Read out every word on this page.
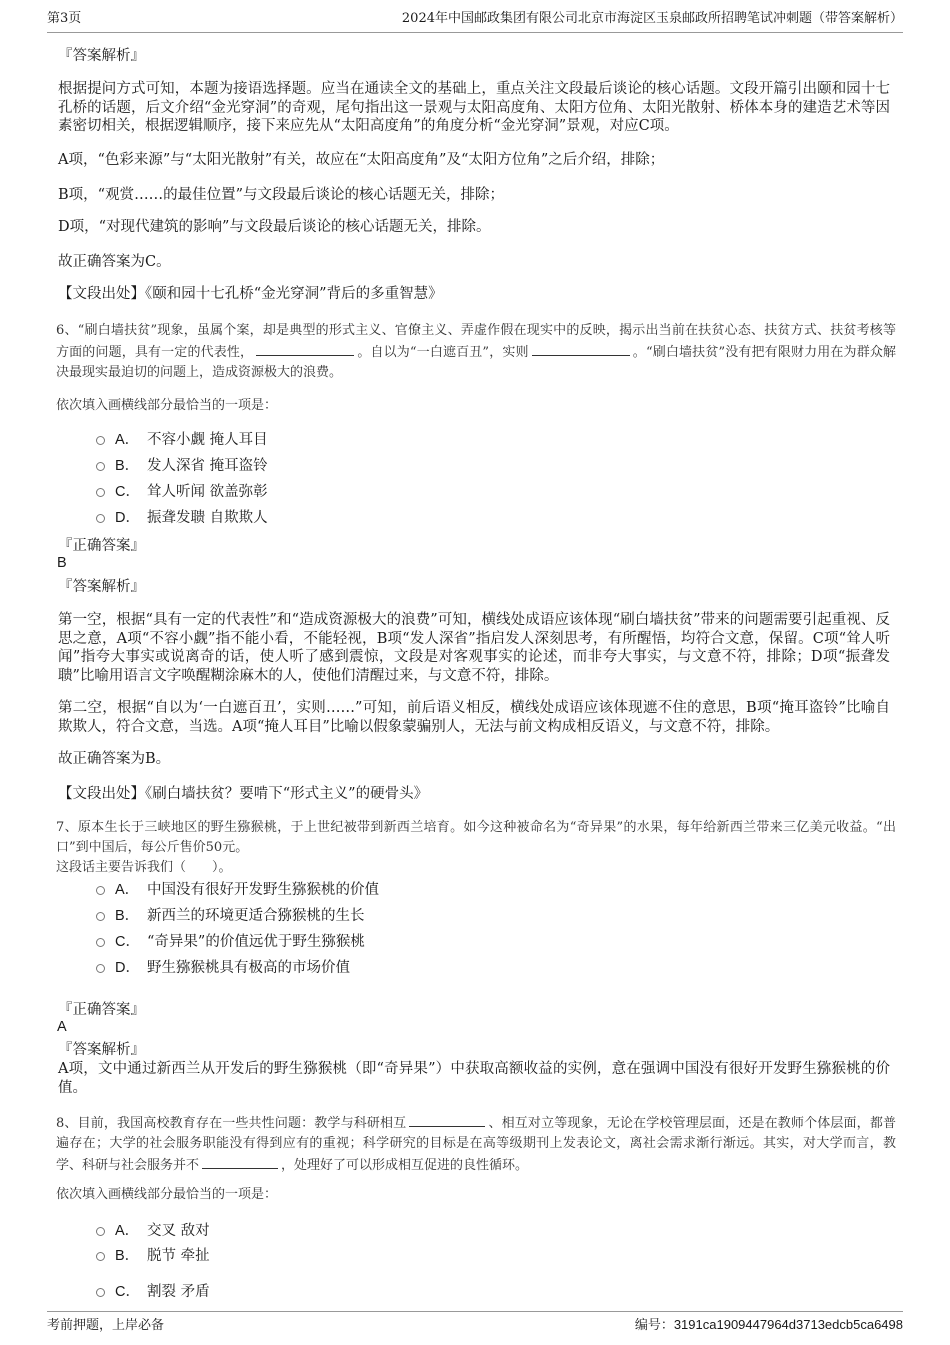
第3页	2024年中国邮政集团有限公司北京市海淀区玉泉邮政所招聘笔试冲刺题（带答案解析）
『答案解析』
根据提问方式可知，本题为接语选择题。应当在通读全文的基础上，重点关注文段最后谈论的核心话题。文段开篇引出颐和园十七孔桥的话题，后文介绍“金光穿洞”的奇观，尾句指出这一景观与太阳高度角、太阳方位角、太阳光散射、桥体本身的建造艺术等因素密切相关，根据逻辑顺序，接下来应先从“太阳高度角”的角度分析“金光穿洞”景观，对应C项。
A项，“色彩来源”与“太阳光散射”有关，故应在“太阳高度角”及“太阳方位角”之后介绍，排除；
B项，“观赏……的最佳位置”与文段最后谈论的核心话题无关，排除；
D项，“对现代建筑的影响”与文段最后谈论的核心话题无关，排除。
故正确答案为C。
【文段出处】《颐和园十七孔桥“金光穿洞”背后的多重智慧》
6、“刷白墙扶贫”现象，虽属个案，却是典型的形式主义、官僚主义、弄虚作假在现实中的反映，揭示出当前在扶贫心态、扶贫方式、扶贫考核等方面的问题，具有一定的代表性，	。自以为“一白遮百丑”，实则	。“刷白墙扶贫”没有把有限财力用在为群众解决最现实最迫切的问题上，造成资源极大的浪费。
依次填入画横线部分最恰当的一项是：
A． 不容小觑 掩人耳目
B． 发人深省 掩耳盗铃
C． 耸人听闻 欲盖弥彰
D． 振聋发聩 自欺欺人
『正确答案』
B
『答案解析』
第一空，根据“具有一定的代表性”和“造成资源极大的浪费”可知，横线处成语应该体现“刷白墙扶贫”带来的问题需要引起重视、反思之意，A项“不容小觑”指不能小看，不能轻视，B项“发人深省”指启发人深刻思考，有所醒悟，均符合文意，保留。C项“耸人听闻”指夸大事实或说离奇的话，使人听了感到震惊，文段是对客观事实的论述，而非夸大事实，与文意不符，排除；D项“振聋发聩”比喻用语言文字唤醒糊涂麻木的人，使他们清醒过来，与文意不符，排除。
第二空，根据“自以为‘一白遮百丑’，实则……”可知，前后语义相反，横线处成语应该体现遮不住的意思，B项“掩耳盗铃”比喻自欺欺人，符合文意，当选。A项“掩人耳目”比喻以假象蒙骗别人，无法与前文构成相反语义，与文意不符，排除。
故正确答案为B。
【文段出处】《刷白墙扶贫？要啃下“形式主义”的硬骨头》
7、原本生长于三峡地区的野生猕猴桃，于上世纪被带到新西兰培育。如今这种被命名为“奇异果”的水果，每年给新西兰带来三亿美元收益。“出口”到中国后，每公斤售价50元。
这段话主要告诉我们（　　）。
A． 中国没有很好开发野生猕猴桃的价值
B． 新西兰的环境更适合猕猴桃的生长
C． “奇异果”的价值远优于野生猕猴桃
D． 野生猕猴桃具有极高的市场价值
『正确答案』
A
『答案解析』
A项，文中通过新西兰从开发后的野生猕猴桃（即“奇异果”）中获取高额收益的实例，意在强调中国没有很好开发野生猕猴桃的价值。
8、目前，我国高校教育存在一些共性问题：教学与科研相互	、相互对立等现象，无论在学校管理层面，还是在教师个体层面，都普遍存在；大学的社会服务职能没有得到应有的重视；科学研究的目标是在高等级期刊上发表论文，离社会需求渐行渐远。其实，对大学而言，教学、科研与社会服务并不	，处理好了可以形成相互促进的良性循环。
依次填入画横线部分最恰当的一项是：
A． 交叉 敌对
B． 脱节 牵扯
C． 割裂 矛盾
考前押题，上岸必备	编号：3191ca1909447964d3713edcb5ca6498
